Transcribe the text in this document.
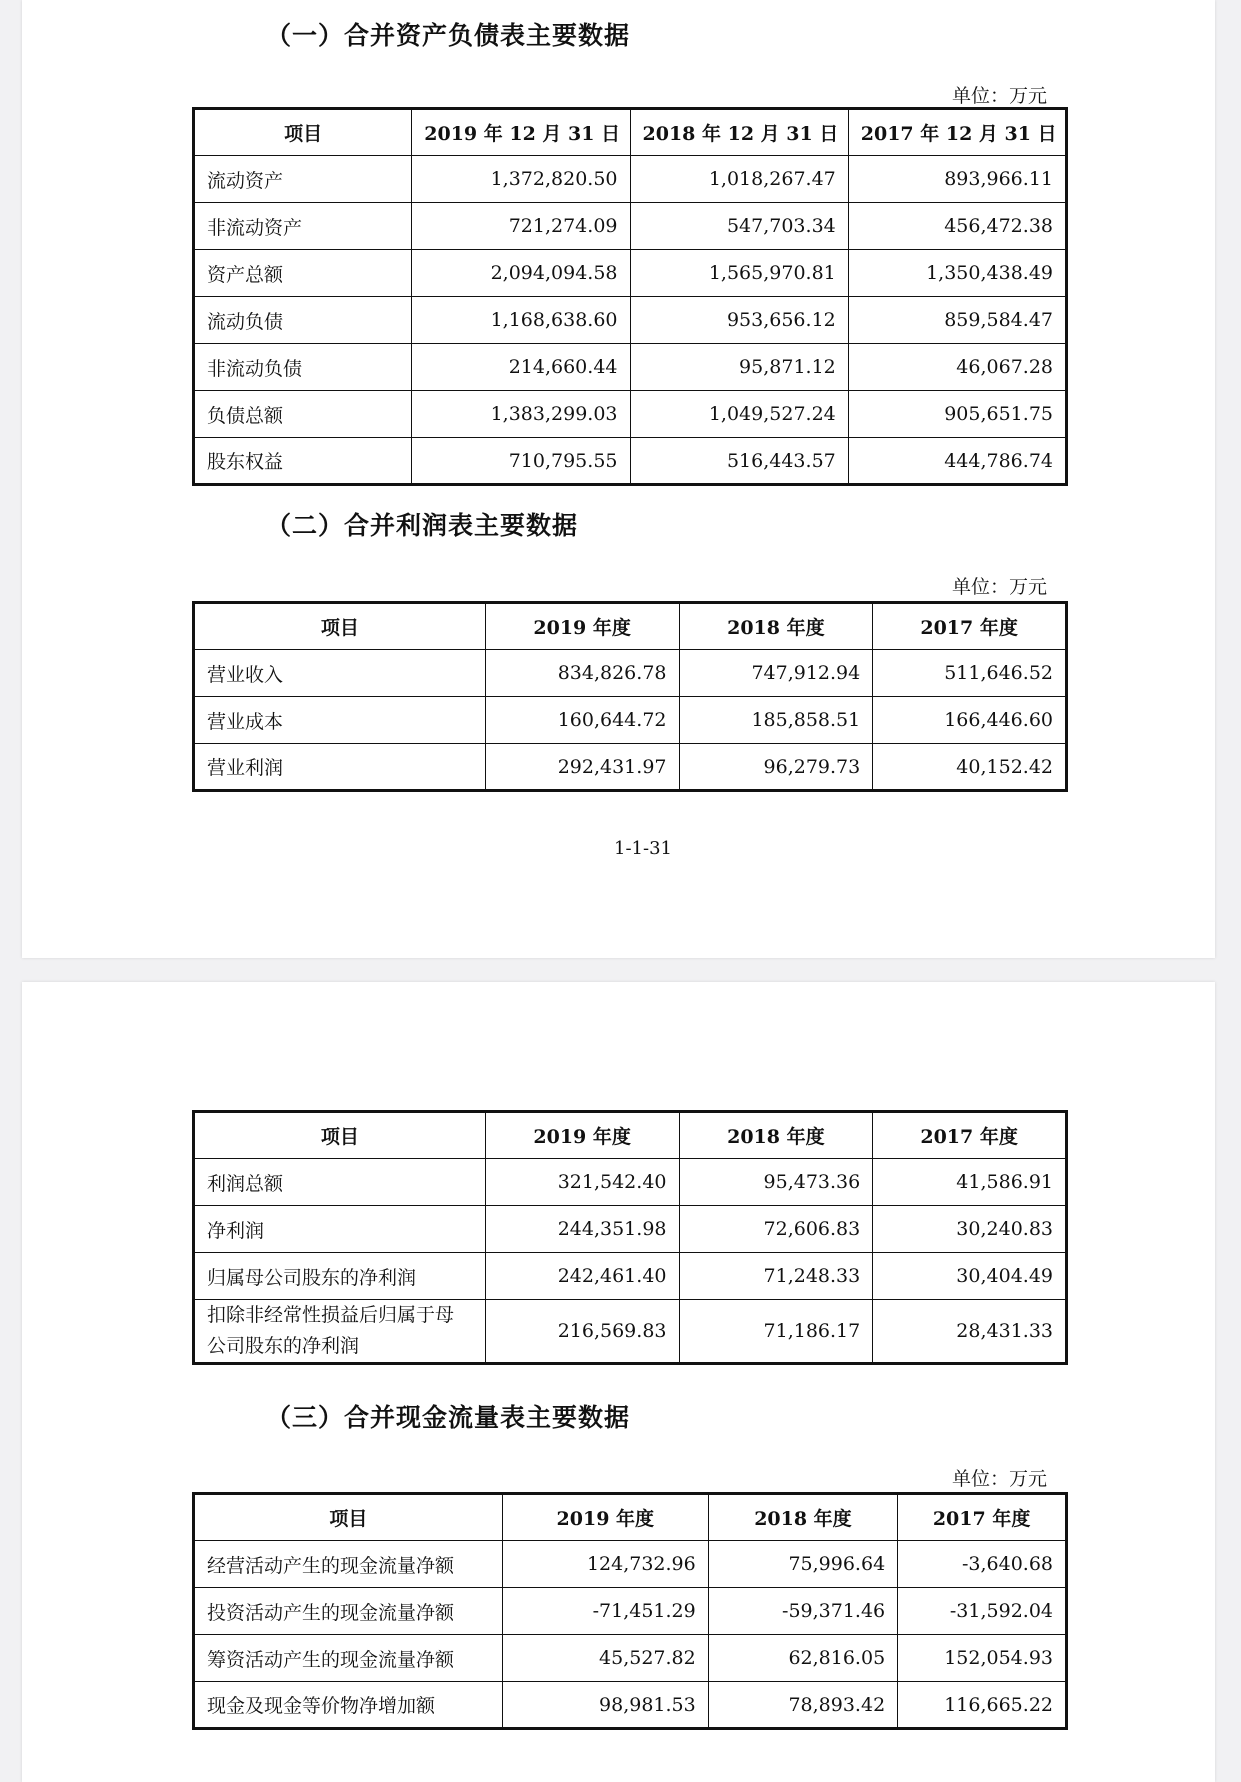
（一）合并资产负债表主要数据
单位：万元
项目	2019 年 12 月 31 日	2018 年 12 月 31 日	2017 年 12 月 31 日
流动资产	1,372,820.50	1,018,267.47	893,966.11
非流动资产	721,274.09	547,703.34	456,472.38
资产总额	2,094,094.58	1,565,970.81	1,350,438.49
流动负债	1,168,638.60	953,656.12	859,584.47
非流动负债	214,660.44	95,871.12	46,067.28
负债总额	1,383,299.03	1,049,527.24	905,651.75
股东权益	710,795.55	516,443.57	444,786.74
（二）合并利润表主要数据
单位：万元
项目	2019 年度	2018 年度	2017 年度
营业收入	834,826.78	747,912.94	511,646.52
营业成本	160,644.72	185,858.51	166,446.60
营业利润	292,431.97	96,279.73	40,152.42
1-1-31
项目	2019 年度	2018 年度	2017 年度
利润总额	321,542.40	95,473.36	41,586.91
净利润	244,351.98	72,606.83	30,240.83
归属母公司股东的净利润	242,461.40	71,248.33	30,404.49
扣除非经常性损益后归属于母公司股东的净利润	216,569.83	71,186.17	28,431.33
（三）合并现金流量表主要数据
单位：万元
项目	2019 年度	2018 年度	2017 年度
经营活动产生的现金流量净额	124,732.96	75,996.64	-3,640.68
投资活动产生的现金流量净额	-71,451.29	-59,371.46	-31,592.04
筹资活动产生的现金流量净额	45,527.82	62,816.05	152,054.93
现金及现金等价物净增加额	98,981.53	78,893.42	116,665.22
